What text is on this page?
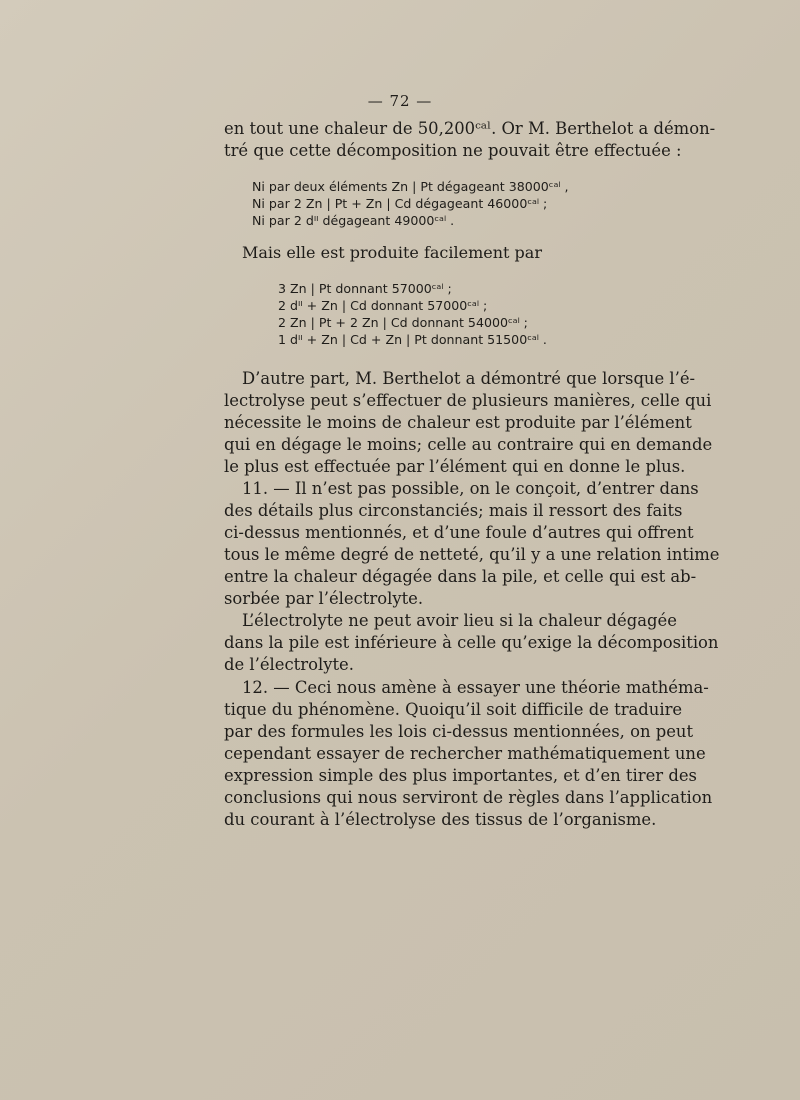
— 72 —
en tout une chaleur de 50,200ᶜᵃˡ. Or M. Berthelot a démon-
tré que cette décomposition ne pouvait être effectuée :
Ni par deux éléments Zn | Pt dégageant 38000ᶜᵃˡ ,
Ni par 2 Zn | Pt + Zn | Cd dégageant 46000ᶜᵃˡ ;
Ni par 2 dᴵᴵ dégageant 49000ᶜᵃˡ .
Mais elle est produite facilement par
3 Zn | Pt donnant 57000ᶜᵃˡ ;
2 dᴵᴵ + Zn | Cd donnant 57000ᶜᵃˡ ;
2 Zn | Pt + 2 Zn | Cd donnant 54000ᶜᵃˡ ;
1 dᴵᴵ + Zn | Cd + Zn | Pt donnant 51500ᶜᵃˡ .
D’autre part, M. Berthelot a démontré que lorsque l’é-
lectrolyse peut s’effectuer de plusieurs manières, celle qui
nécessite le moins de chaleur est produite par l’élément
qui en dégage le moins; celle au contraire qui en demande
le plus est effectuée par l’élément qui en donne le plus.
11. — Il n’est pas possible, on le conçoit, d’entrer dans
des détails plus circonstanciés; mais il ressort des faits
ci-dessus mentionnés, et d’une foule d’autres qui offrent
tous le même degré de netteté, qu’il y a une relation intime
entre la chaleur dégagée dans la pile, et celle qui est ab-
sorbée par l’électrolyte.
L’électrolyte ne peut avoir lieu si la chaleur dégagée
dans la pile est inférieure à celle qu’exige la décomposition
de l’électrolyte.
12. — Ceci nous amène à essayer une théorie mathéma-
tique du phénomène. Quoiqu’il soit difficile de traduire
par des formules les lois ci-dessus mentionnées, on peut
cependant essayer de rechercher mathématiquement une
expression simple des plus importantes, et d’en tirer des
conclusions qui nous serviront de règles dans l’application
du courant à l’électrolyse des tissus de l’organisme.
